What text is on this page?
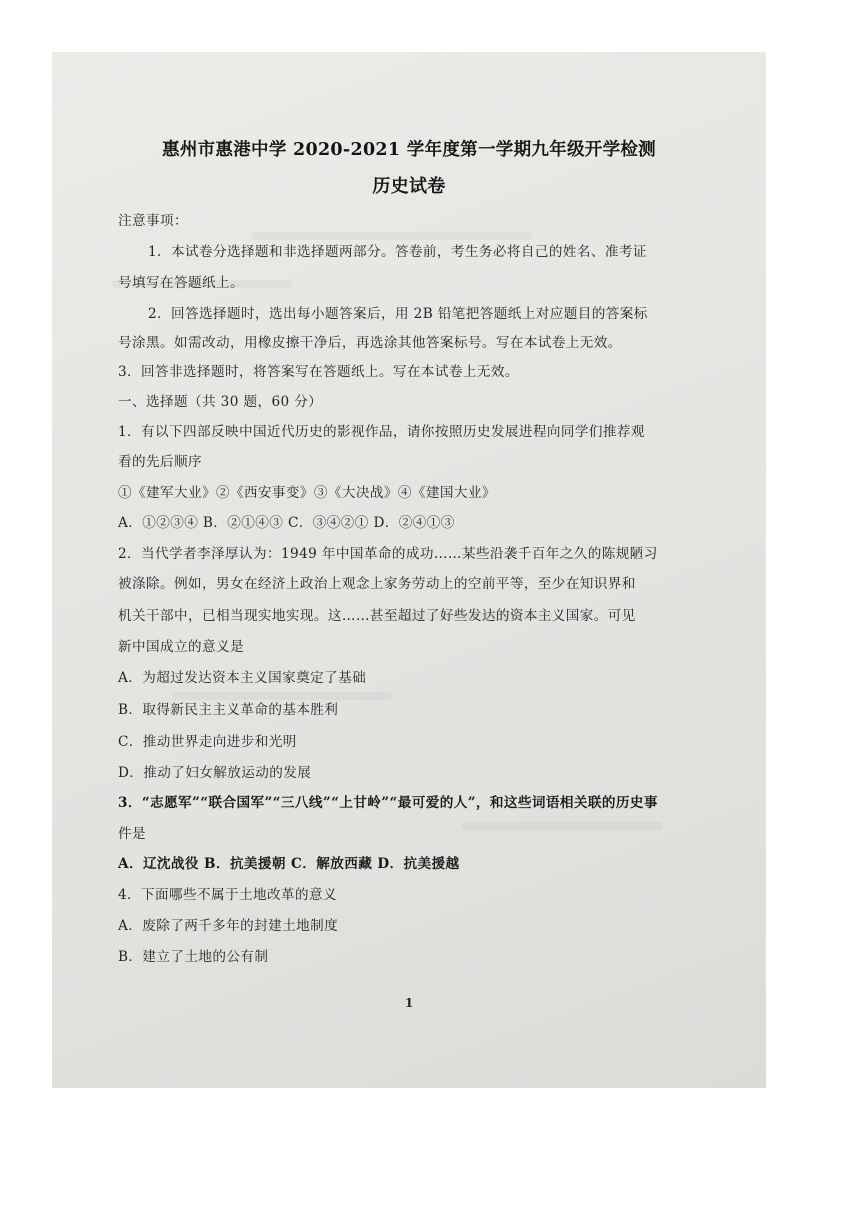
惠州市惠港中学 2020-2021 学年度第一学期九年级开学检测
历史试卷
注意事项：
1．本试卷分选择题和非选择题两部分。答卷前，考生务必将自己的姓名、准考证
号填写在答题纸上。
2．回答选择题时，选出每小题答案后，用 2B 铅笔把答题纸上对应题目的答案标
号涂黑。如需改动，用橡皮擦干净后，再选涂其他答案标号。写在本试卷上无效。
3．回答非选择题时，将答案写在答题纸上。写在本试卷上无效。
一、选择题（共 30 题，60 分）
1．有以下四部反映中国近代历史的影视作品，请你按照历史发展进程向同学们推荐观
看的先后顺序
①《建军大业》②《西安事变》③《大决战》④《建国大业》
A．①②③④ B．②①④③ C．③④②① D．②④①③
2．当代学者李泽厚认为：1949 年中国革命的成功……某些沿袭千百年之久的陈规陋习
被涤除。例如，男女在经济上政治上观念上家务劳动上的空前平等，至少在知识界和
机关干部中，已相当现实地实现。这……甚至超过了好些发达的资本主义国家。可见
新中国成立的意义是
A．为超过发达资本主义国家奠定了基础
B．取得新民主主义革命的基本胜利
C．推动世界走向进步和光明
D．推动了妇女解放运动的发展
3．“志愿军”“联合国军”“三八线”“上甘岭”“最可爱的人”，和这些词语相关联的历史事
件是
A．辽沈战役 B．抗美援朝 C．解放西藏 D．抗美援越
4．下面哪些不属于土地改革的意义
A．废除了两千多年的封建土地制度
B．建立了土地的公有制
1
